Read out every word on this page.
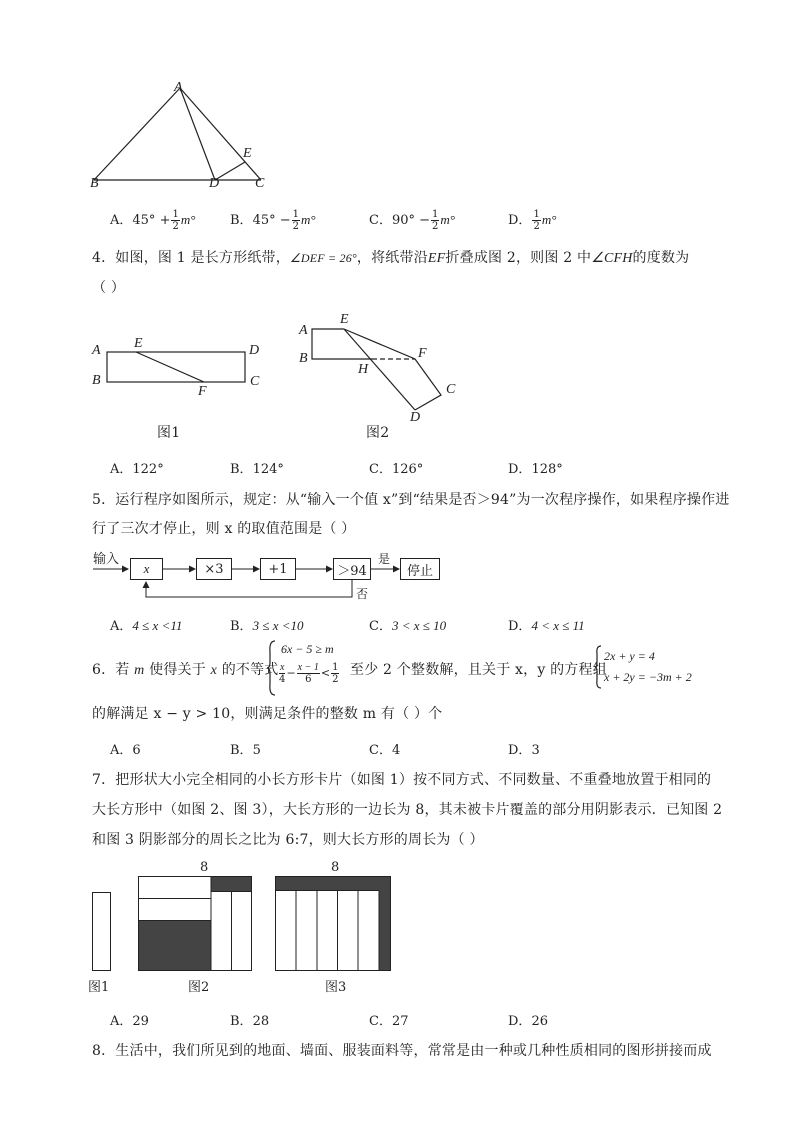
A
B	D	C
E
A．$45^\circ + \frac{1}{2} m^\circ$	B．$45^\circ - \frac{1}{2} m^\circ$	C．$90^\circ - \frac{1}{2} m^\circ$	D． $\frac{1}{2} m^\circ$
4．如图，图 1 是长方形纸带，∠DEF = 26°，将纸带沿EF折叠成图 2，则图 2 中∠CFH的度数为
（ ）
A
B
E	D
C
F
图1
A
B
E
F
H
C
D
图2
A．122°	B．124°	C．126°	D．128°
5．运行程序如图所示，规定：从“输入一个值 x”到“结果是否＞94”为一次程序操作，如果程序操作进
行了三次才停止，则 x 的取值范围是（ ）
输入
x	×3	+1	＞94
是
停止
否
A．4 ≤ x <11	B．3 ≤ x <10	C．3 < x ≤ 10	D．4 < x ≤ 11
6．若 m 使得关于 x 的不等式
6x − 5 ≥ m
$\frac{x}{4} - \frac{x - 1}{6} < \frac{1}{2}$ 至少 2 个整数解，且关于 x，y 的方程组
2x + y = 4
x + 2y = −3m + 2
的解满足 x − y > 10，则满足条件的整数 m 有（ ）个
A．6	B．5	C．4	D．3
7．把形状大小完全相同的小长方形卡片（如图 1）按不同方式、不同数量、不重叠地放置于相同的
大长方形中（如图 2、图 3），大长方形的一边长为 8，其未被卡片覆盖的部分用阴影表示．已知图 2
和图 3 阴影部分的周长之比为 6:7，则大长方形的周长为（ ）
8	8
图1	图2	图3
A．29	B．28	C．27	D．26
8．生活中，我们所见到的地面、墙面、服装面料等，常常是由一种或几种性质相同的图形拼接而成
